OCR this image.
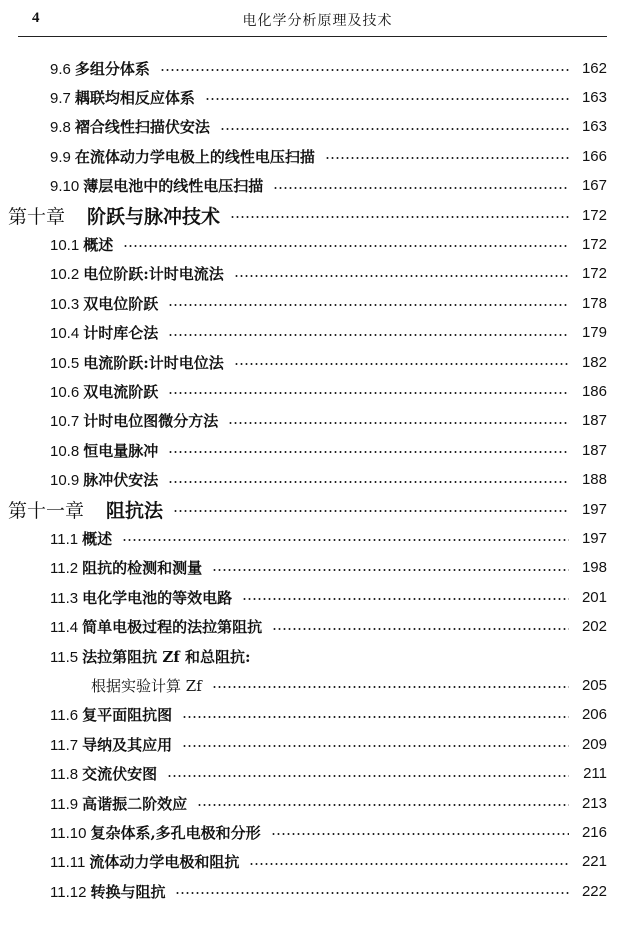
4	电化学分析原理及技术
9.6 多组分体系	162
9.7 耦联均相反应体系	163
9.8 褶合线性扫描伏安法	163
9.9 在流体动力学电极上的线性电压扫描	166
9.10 薄层电池中的线性电压扫描	167
第十章 阶跃与脉冲技术	172
10.1 概述	172
10.2 电位阶跃:计时电流法	172
10.3 双电位阶跃	178
10.4 计时库仑法	179
10.5 电流阶跃:计时电位法	182
10.6 双电流阶跃	186
10.7 计时电位图微分方法	187
10.8 恒电量脉冲	187
10.9 脉冲伏安法	188
第十一章 阻抗法	197
11.1 概述	197
11.2 阻抗的检测和测量	198
11.3 电化学电池的等效电路	201
11.4 简单电极过程的法拉第阻抗	202
11.5 法拉第阻抗 Zf 和总阻抗:
根据实验计算 Zf	205
11.6 复平面阻抗图	206
11.7 导纳及其应用	209
11.8 交流伏安图	211
11.9 高谐振二阶效应	213
11.10 复杂体系,多孔电极和分形	216
11.11 流体动力学电极和阻抗	221
11.12 转换与阻抗	222
